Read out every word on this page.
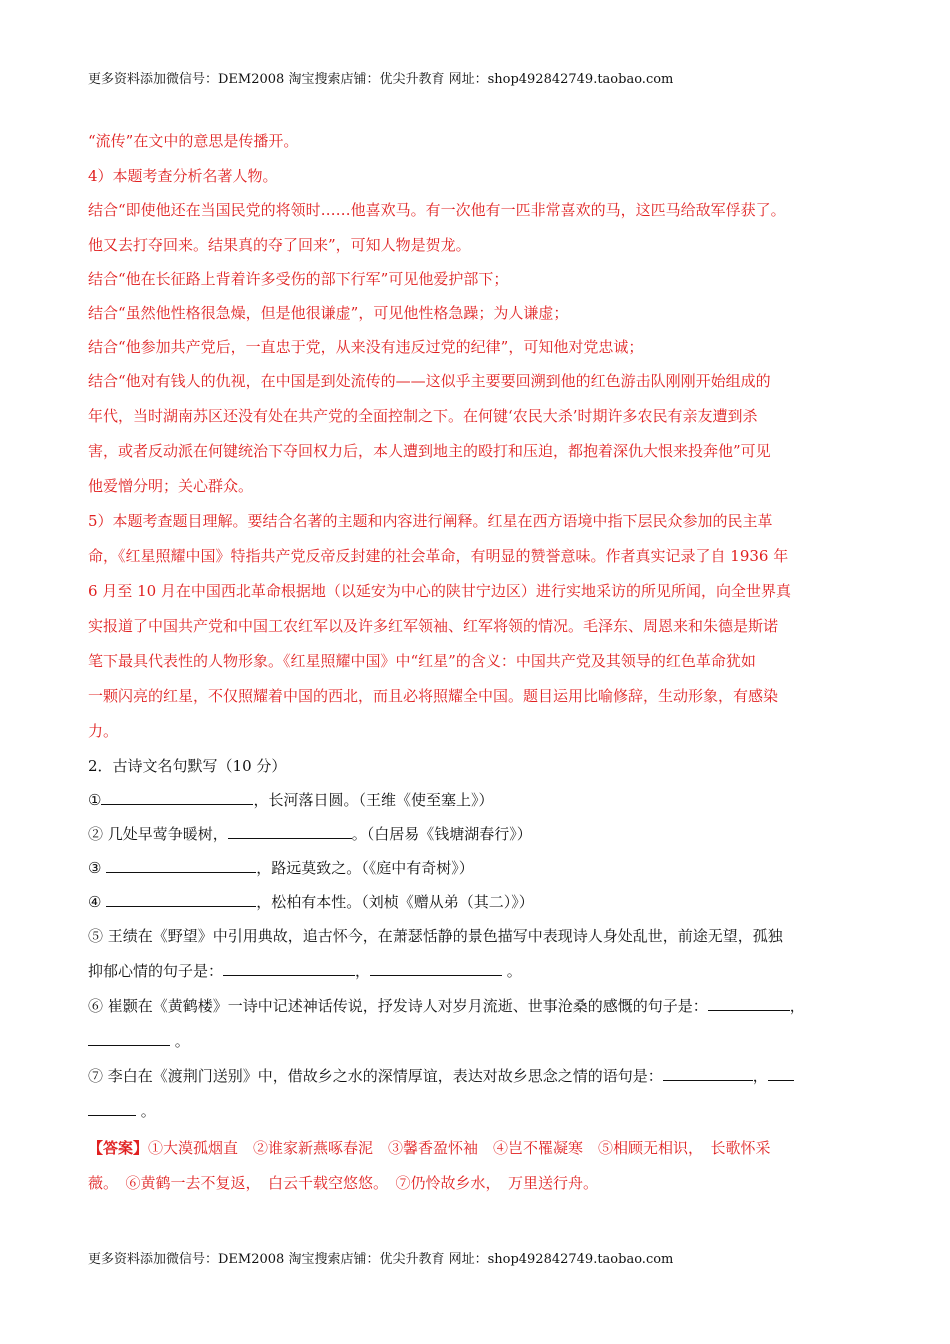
更多资料添加微信号：DEM2008 淘宝搜索店铺：优尖升教育 网址：shop492842749.taobao.com
“流传”在文中的意思是传播开。
4）本题考查分析名著人物。
结合“即使他还在当国民党的将领时……他喜欢马。有一次他有一匹非常喜欢的马，这匹马给敌军俘获了。
他又去打夺回来。结果真的夺了回来”，可知人物是贺龙。
结合“他在长征路上背着许多受伤的部下行军”可见他爱护部下；
结合“虽然他性格很急燥，但是他很谦虚”，可见他性格急躁；为人谦虚；
结合“他参加共产党后，一直忠于党，从来没有违反过党的纪律”，可知他对党忠诚；
结合“他对有钱人的仇视，在中国是到处流传的——这似乎主要要回溯到他的红色游击队刚刚开始组成的
年代，当时湖南苏区还没有处在共产党的全面控制之下。在何键‘农民大杀’时期许多农民有亲友遭到杀
害，或者反动派在何键统治下夺回权力后，本人遭到地主的殴打和压迫，都抱着深仇大恨来投奔他”可见
他爱憎分明；关心群众。
5）本题考查题目理解。要结合名著的主题和内容进行阐释。红星在西方语境中指下层民众参加的民主革
命，《红星照耀中国》特指共产党反帝反封建的社会革命，有明显的赞誉意味。作者真实记录了自 1936 年
6 月至 10 月在中国西北革命根据地（以延安为中心的陕甘宁边区）进行实地采访的所见所闻，向全世界真
实报道了中国共产党和中国工农红军以及许多红军领袖、红军将领的情况。毛泽东、周恩来和朱德是斯诺
笔下最具代表性的人物形象。《红星照耀中国》中“红星”的含义：中国共产党及其领导的红色革命犹如
一颗闪亮的红星，不仅照耀着中国的西北，而且必将照耀全中国。题目运用比喻修辞，生动形象，有感染
力。
2．古诗文名句默写（10 分）
①	，长河落日圆。（王维《使至塞上》）
② 几处早莺争暖树，	。（白居易《钱塘湖春行》）
③	，路远莫致之。（《庭中有奇树》）
④	，松柏有本性。（刘桢《赠从弟（其二）》）
⑤ 王绩在《野望》中引用典故，追古怀今，在萧瑟恬静的景色描写中表现诗人身处乱世，前途无望，孤独
抑郁心情的句子是：	，	。
⑥ 崔颢在《黄鹤楼》一诗中记述神话传说，抒发诗人对岁月流逝、世事沧桑的感慨的句子是：	，
。
⑦ 李白在《渡荆门送别》中，借故乡之水的深情厚谊，表达对故乡思念之情的语句是：	，
。
【答案】①大漠孤烟直　②谁家新燕啄春泥　③馨香盈怀袖　④岂不罹凝寒　⑤相顾无相识，　长歌怀采
薇。　⑥黄鹤一去不复返，　白云千载空悠悠。　⑦仍怜故乡水，　万里送行舟。
更多资料添加微信号：DEM2008 淘宝搜索店铺：优尖升教育 网址：shop492842749.taobao.com
